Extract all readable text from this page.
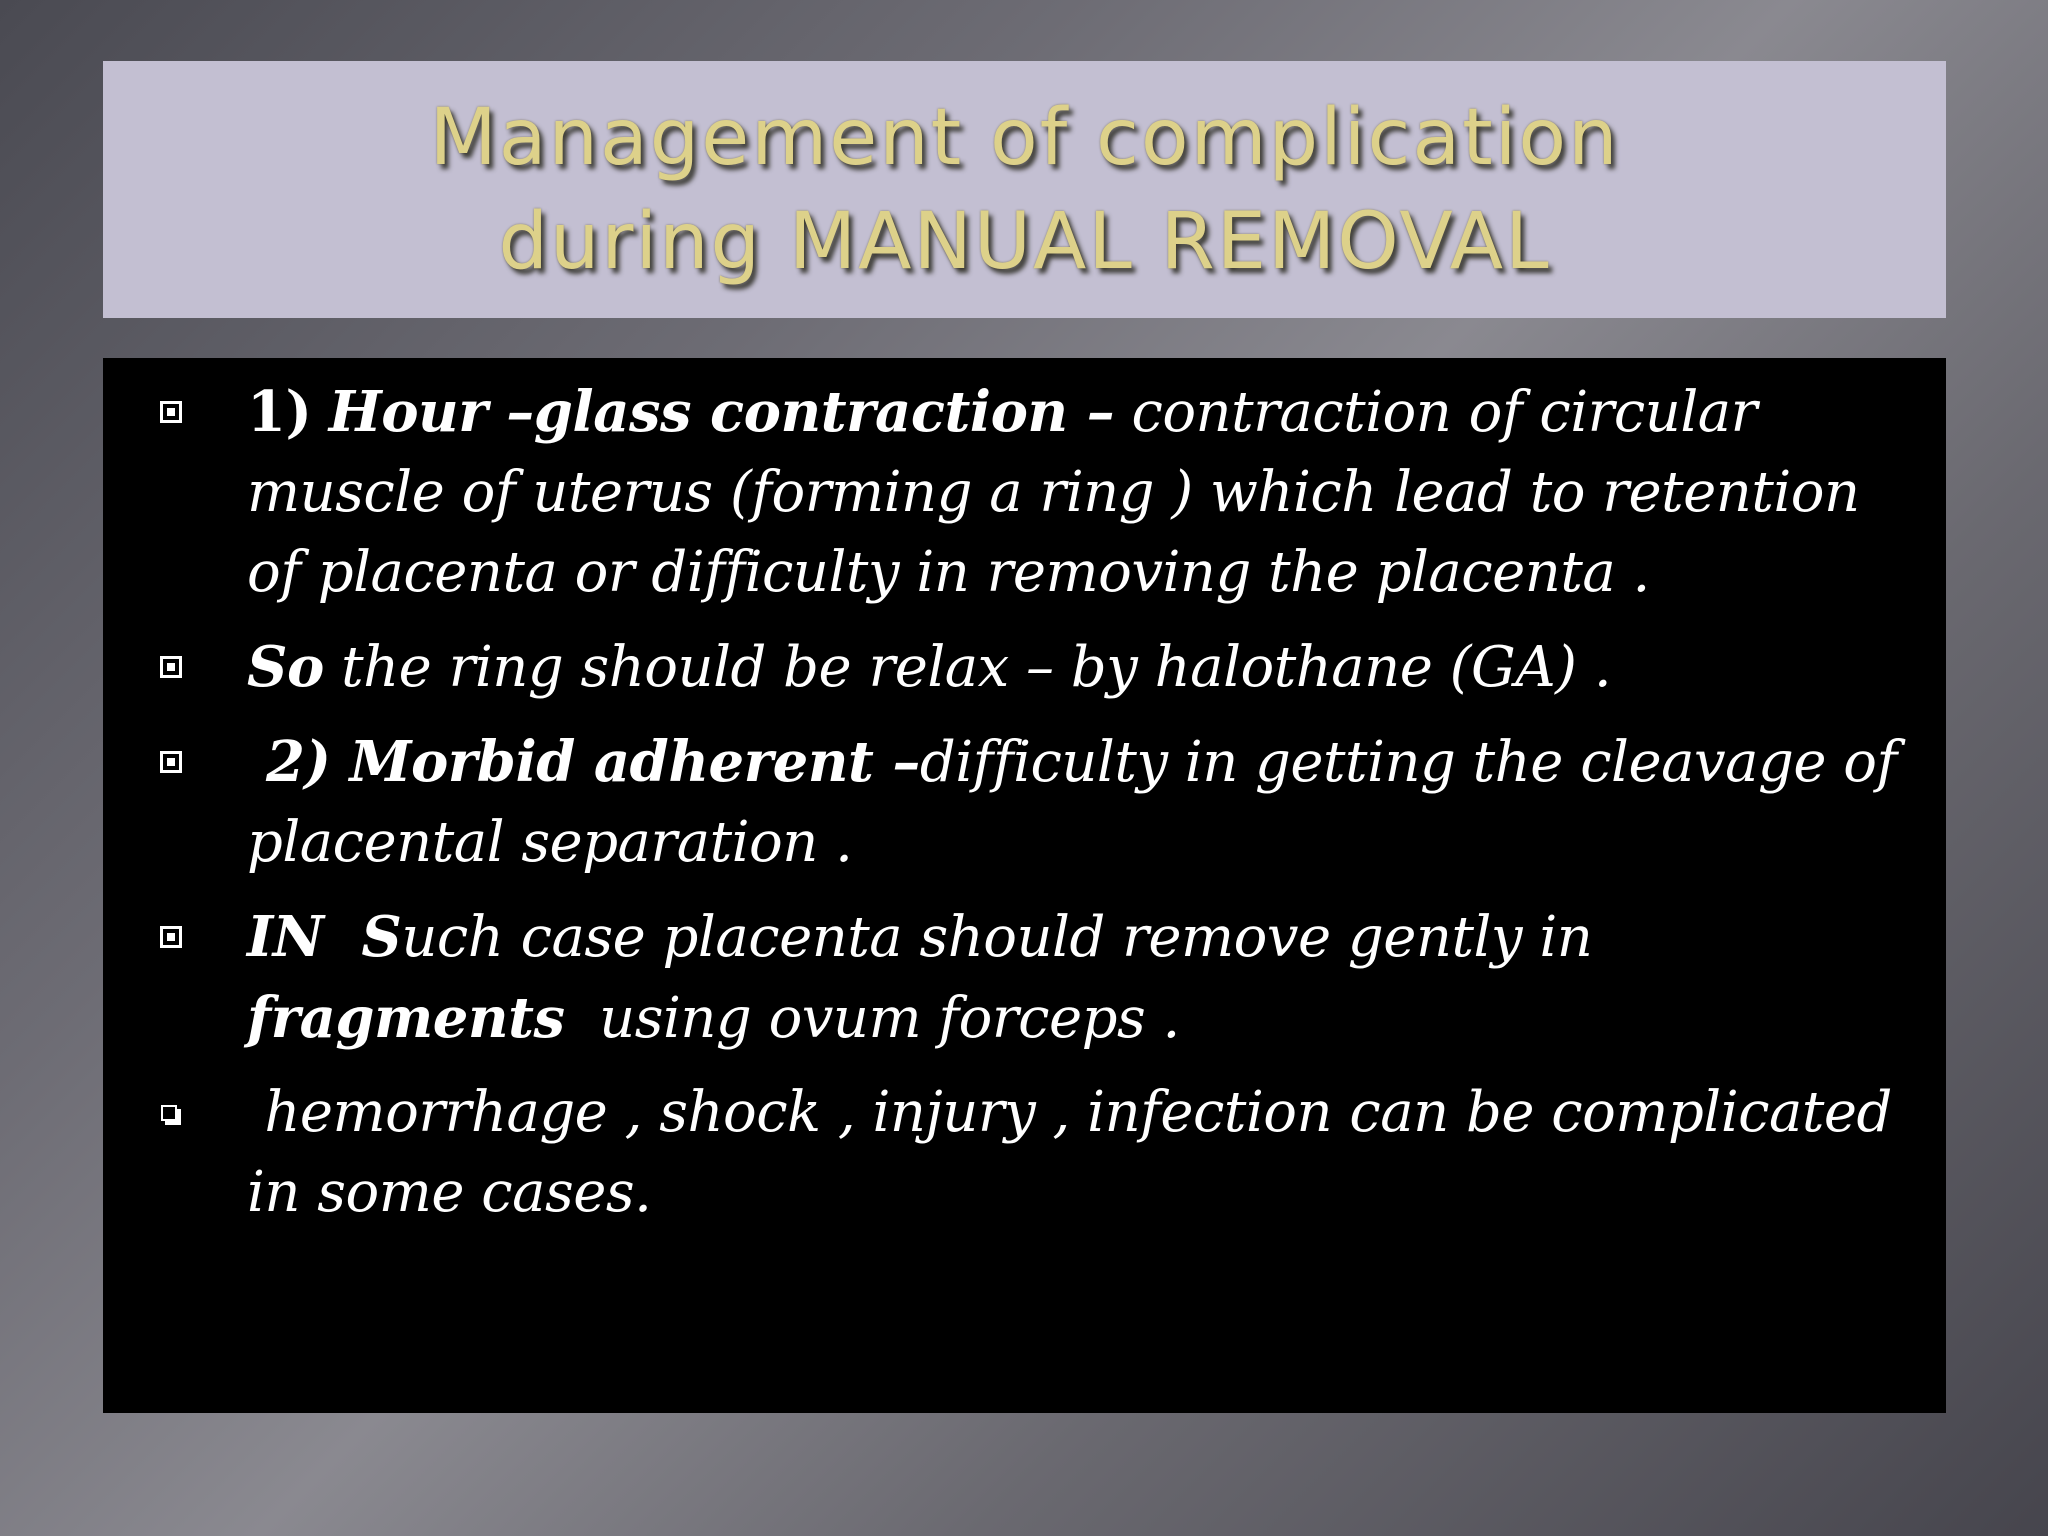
Management of complication
during MANUAL REMOVAL
1) Hour –glass contraction – contraction of circular muscle of uterus (forming a ring ) which lead to retention of placenta or difficulty in removing the placenta .
So the ring should be relax – by halothane (GA) .
2) Morbid adherent –difficulty in getting the cleavage of placental separation .
IN  Such case placenta should remove gently in fragments  using ovum forceps .
hemorrhage , shock , injury , infection can be complicated  in some cases.
